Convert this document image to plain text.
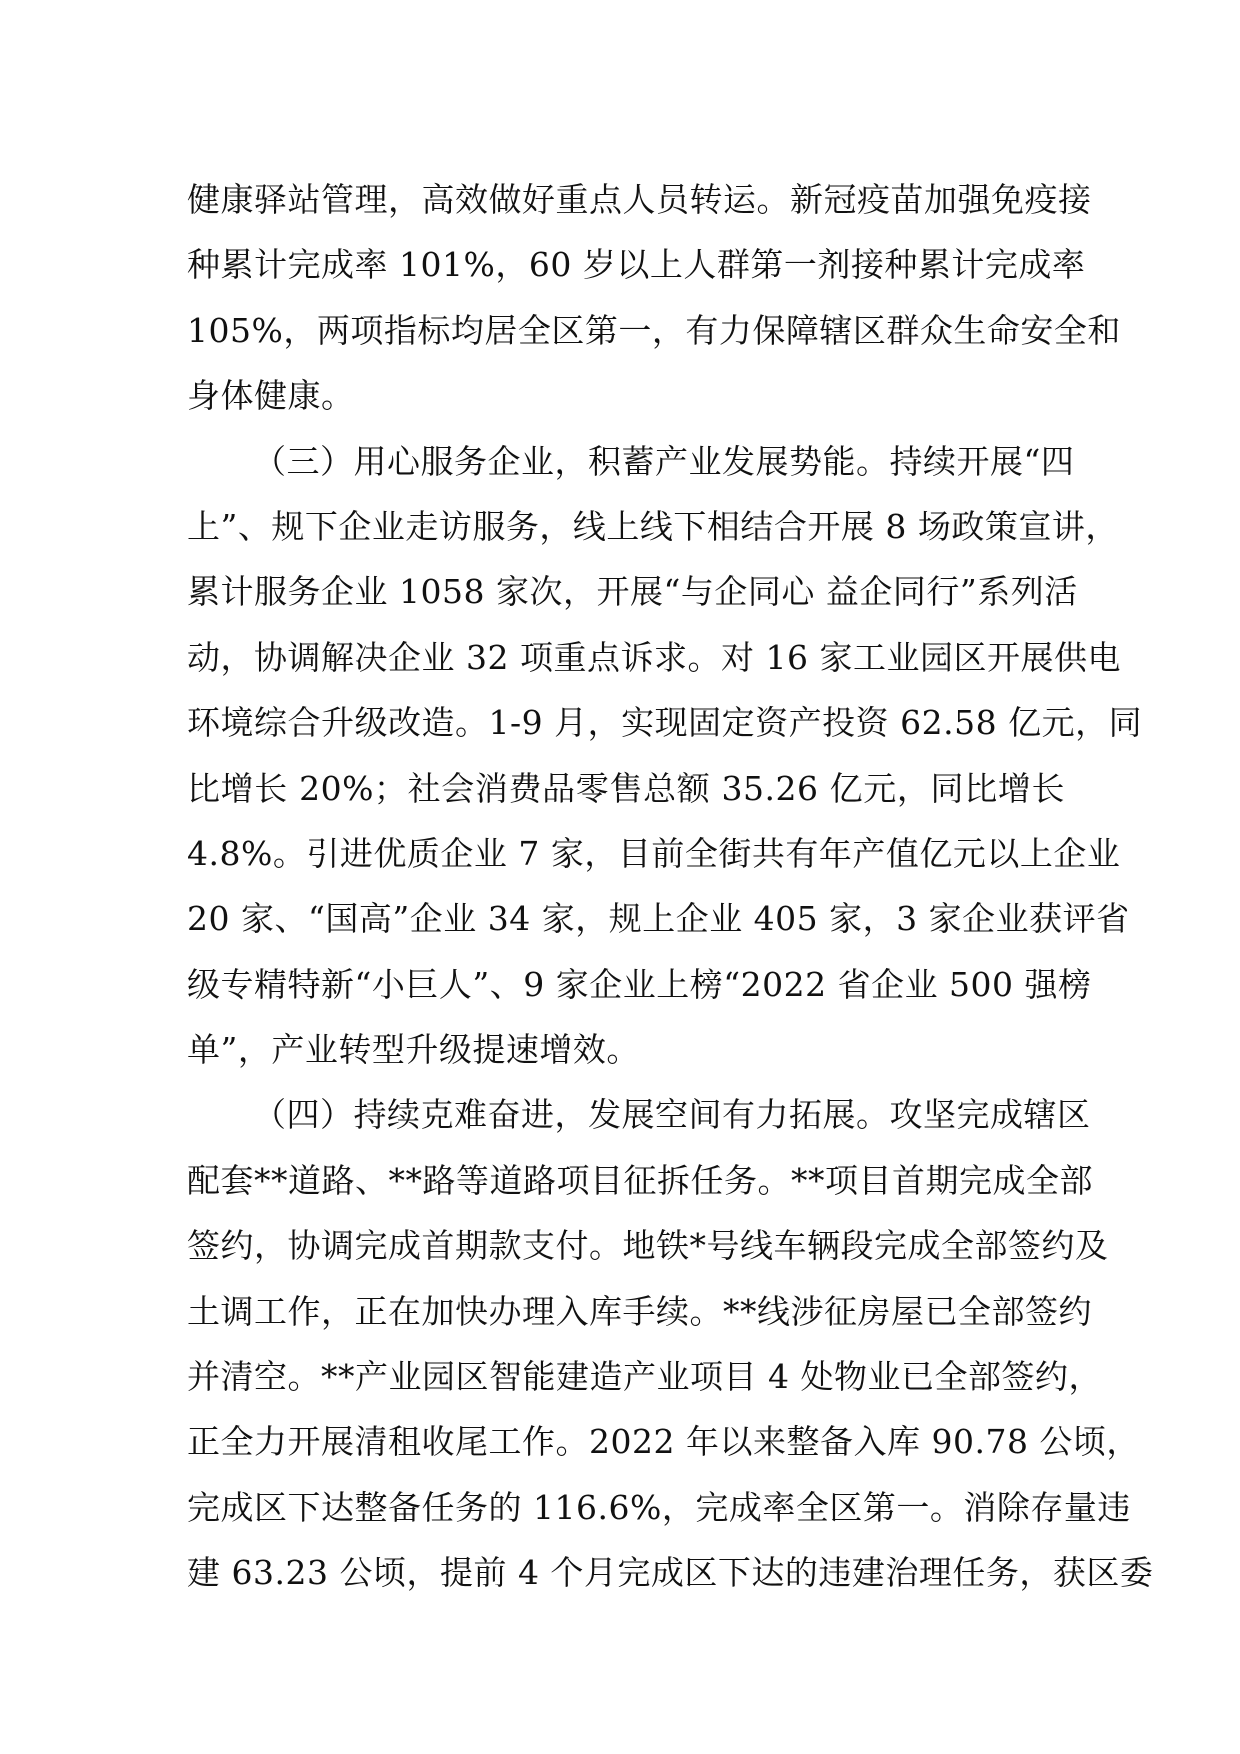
健康驿站管理，高效做好重点人员转运。新冠疫苗加强免疫接
种累计完成率 101%，60 岁以上人群第一剂接种累计完成率
105%，两项指标均居全区第一，有力保障辖区群众生命安全和
身体健康。
（三）用心服务企业，积蓄产业发展势能。持续开展“四
上”、规下企业走访服务，线上线下相结合开展 8 场政策宣讲，
累计服务企业 1058 家次，开展“与企同心 益企同行”系列活
动，协调解决企业 32 项重点诉求。对 16 家工业园区开展供电
环境综合升级改造。1-9 月，实现固定资产投资 62.58 亿元，同
比增长 20%；社会消费品零售总额 35.26 亿元，同比增长
4.8%。引进优质企业 7 家，目前全街共有年产值亿元以上企业
20 家、“国高”企业 34 家，规上企业 405 家，3 家企业获评省
级专精特新“小巨人”、9 家企业上榜“2022 省企业 500 强榜
单”，产业转型升级提速增效。
（四）持续克难奋进，发展空间有力拓展。攻坚完成辖区
配套**道路、**路等道路项目征拆任务。**项目首期完成全部
签约，协调完成首期款支付。地铁*号线车辆段完成全部签约及
土调工作，正在加快办理入库手续。**线涉征房屋已全部签约
并清空。**产业园区智能建造产业项目 4 处物业已全部签约，
正全力开展清租收尾工作。2022 年以来整备入库 90.78 公顷，
完成区下达整备任务的 116.6%，完成率全区第一。消除存量违
建 63.23 公顷，提前 4 个月完成区下达的违建治理任务，获区委
